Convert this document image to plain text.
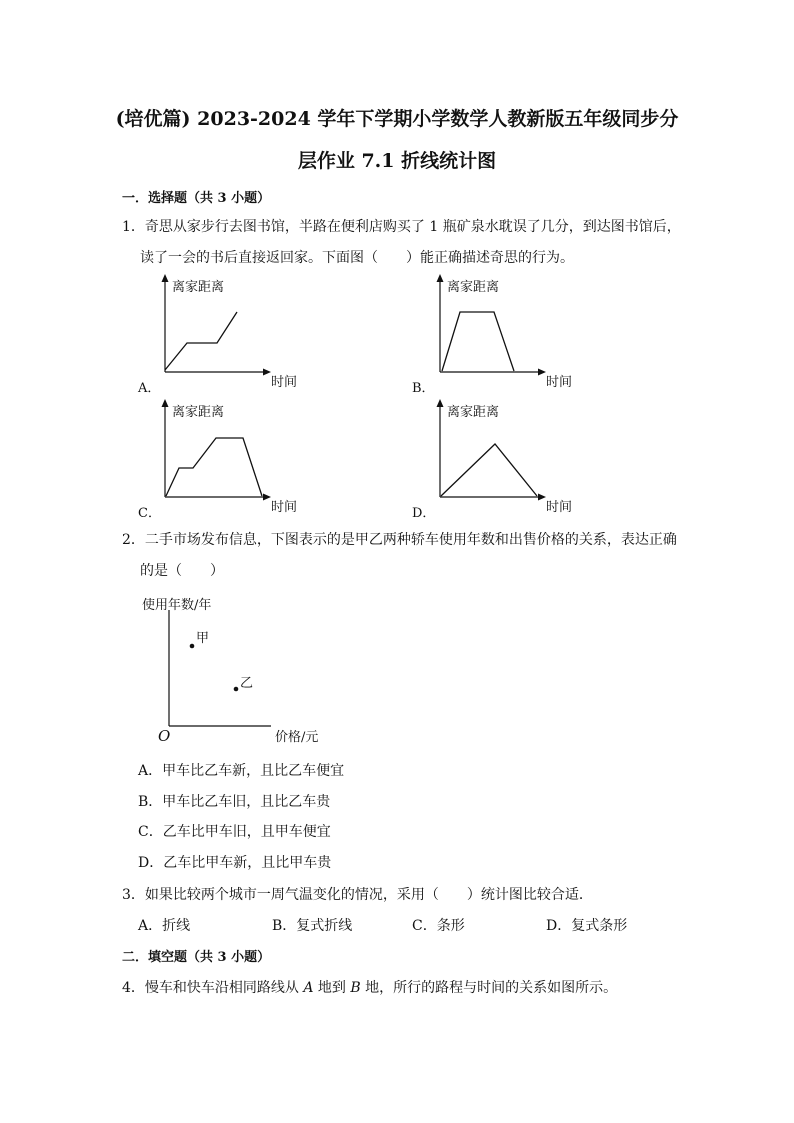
(培优篇) 2023-2024 学年下学期小学数学人教新版五年级同步分
层作业 7.1 折线统计图
一．选择题（共 3 小题）
1．奇思从家步行去图书馆，半路在便利店购买了 1 瓶矿泉水耽误了几分，到达图书馆后，
读了一会的书后直接返回家。下面图（　　）能正确描述奇思的行为。
A．
离家距离
时间	B．
离家距离
时间
C．
离家距离
时间	D．
离家距离
时间
2．二手市场发布信息，下图表示的是甲乙两种轿车使用年数和出售价格的关系，表达正确
的是（　　）
使用年数/年
价格/元
O
甲
乙
A．甲车比乙车新，且比乙车便宜
B．甲车比乙车旧，且比乙车贵
C．乙车比甲车旧，且甲车便宜
D．乙车比甲车新，且比甲车贵
3．如果比较两个城市一周气温变化的情况，采用（　　）统计图比较合适．
A．折线	B．复式折线	C．条形	D．复式条形
二．填空题（共 3 小题）
4．慢车和快车沿相同路线从 A 地到 B 地，所行的路程与时间的关系如图所示。
